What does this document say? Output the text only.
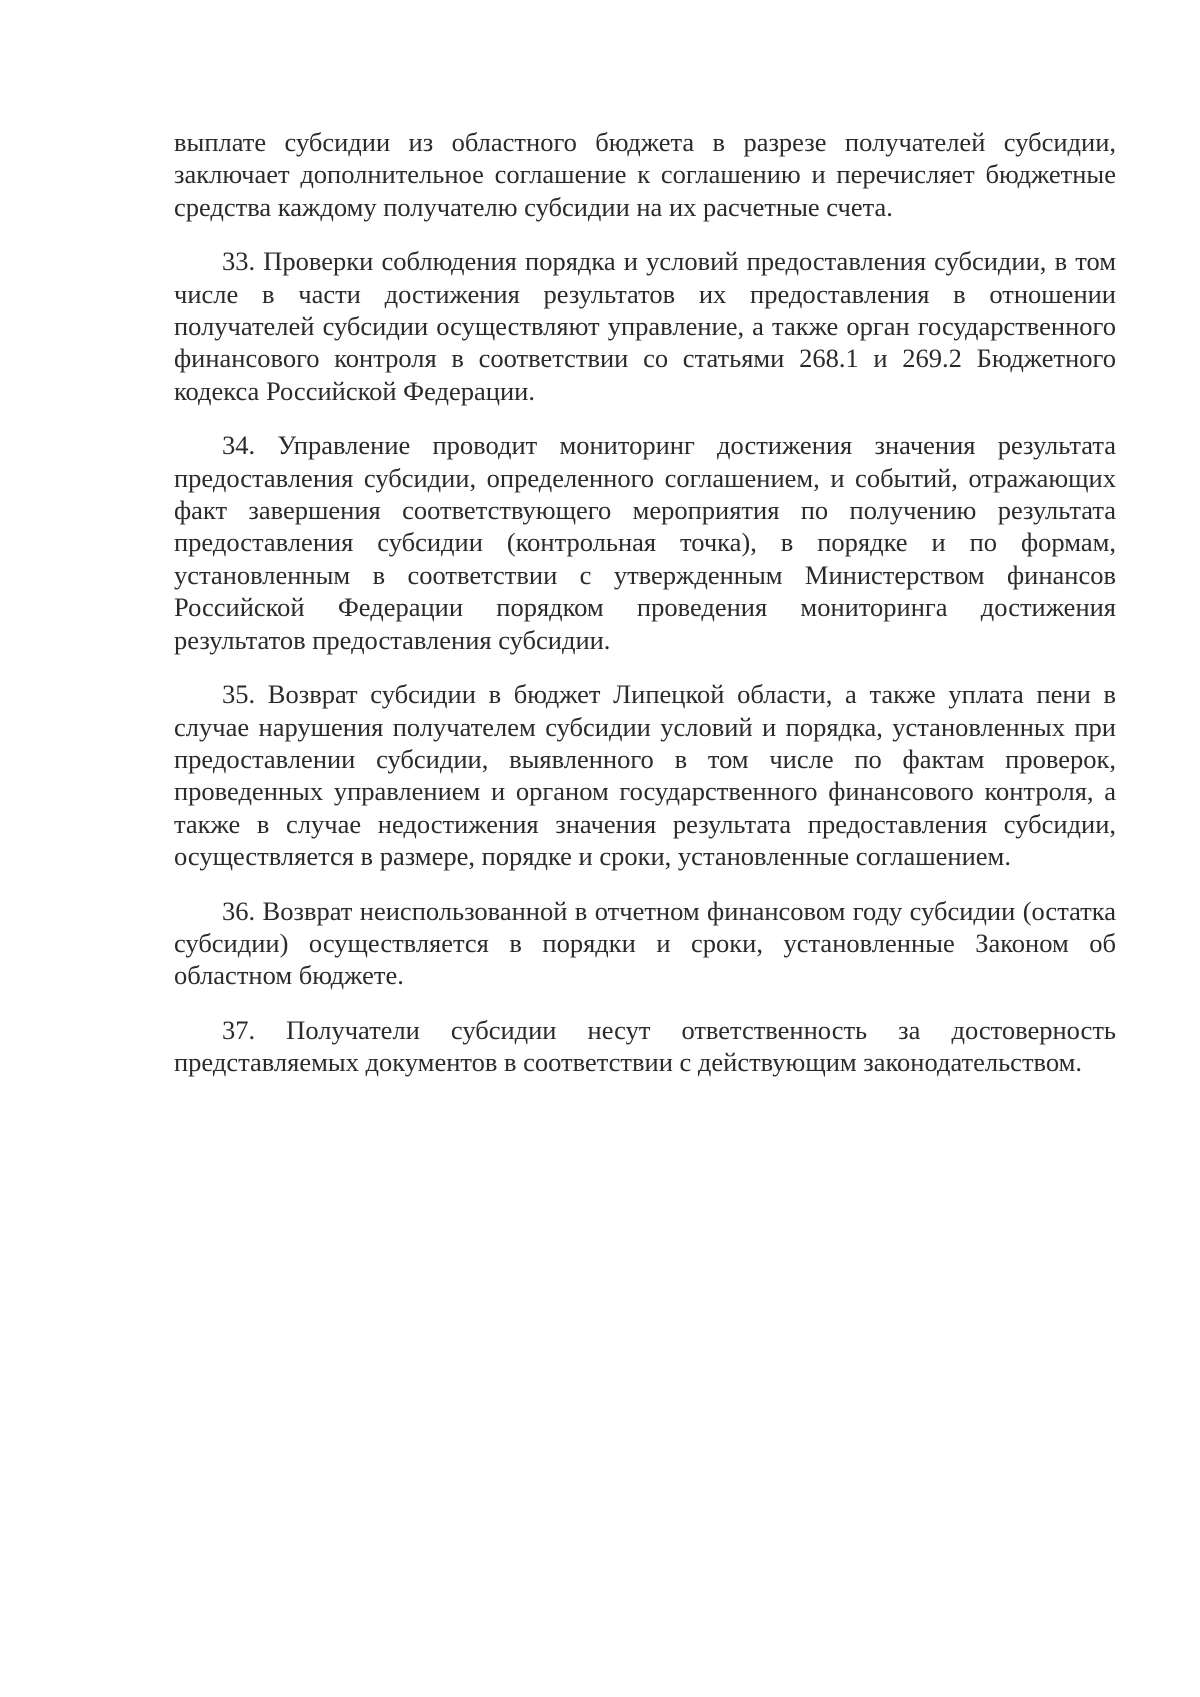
выплате субсидии из областного бюджета в разрезе получателей субсидии, заключает дополнительное соглашение к соглашению и перечисляет бюджетные средства каждому получателю субсидии на их расчетные счета.

33. Проверки соблюдения порядка и условий предоставления субсидии, в том числе в части достижения результатов их предоставления в отношении получателей субсидии осуществляют управление, а также орган государственного финансового контроля в соответствии со статьями 268.1 и 269.2 Бюджетного кодекса Российской Федерации.

34. Управление проводит мониторинг достижения значения результата предоставления субсидии, определенного соглашением, и событий, отражающих факт завершения соответствующего мероприятия по получению результата предоставления субсидии (контрольная точка), в порядке и по формам, установленным в соответствии с утвержденным Министерством финансов Российской Федерации порядком проведения мониторинга достижения результатов предоставления субсидии.

35. Возврат субсидии в бюджет Липецкой области, а также уплата пени в случае нарушения получателем субсидии условий и порядка, установленных при предоставлении субсидии, выявленного в том числе по фактам проверок, проведенных управлением и органом государственного финансового контроля, а также в случае недостижения значения результата предоставления субсидии, осуществляется в размере, порядке и сроки, установленные соглашением.

36. Возврат неиспользованной в отчетном финансовом году субсидии (остатка субсидии) осуществляется в порядки и сроки, установленные Законом об областном бюджете.

37. Получатели субсидии несут ответственность за достоверность представляемых документов в соответствии с действующим законодательством.
